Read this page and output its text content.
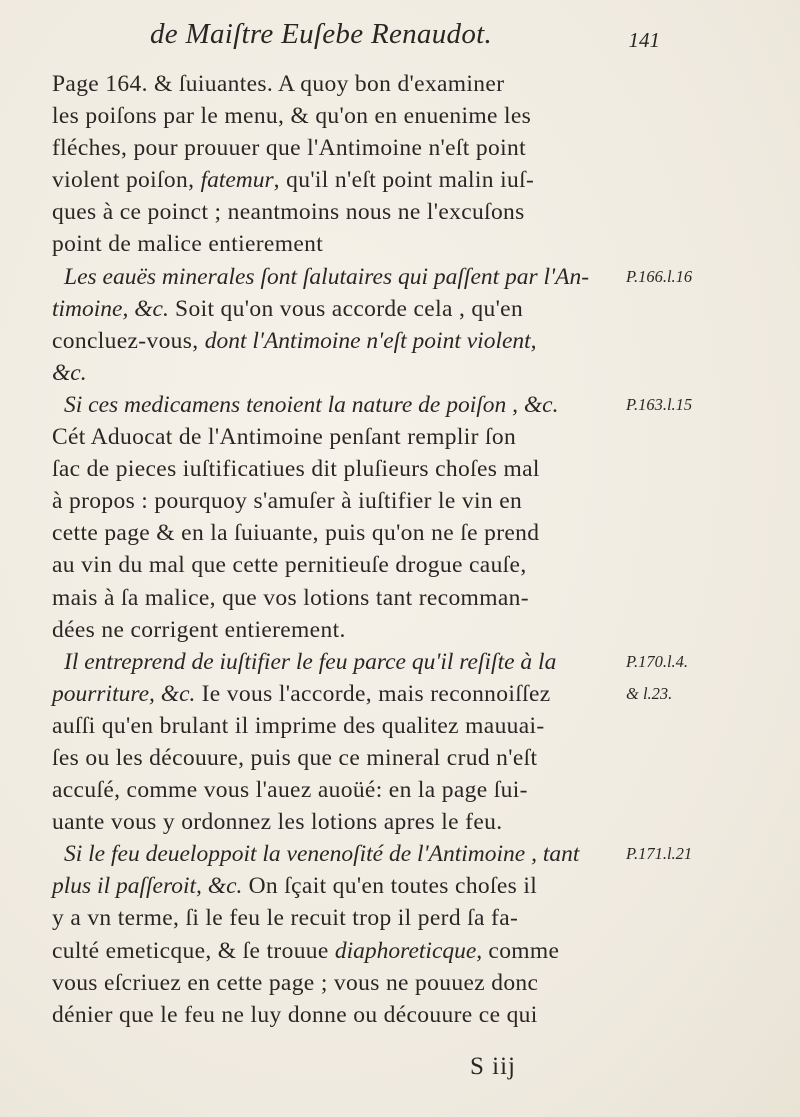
de Maiſtre Euſebe Renaudot.	141
Page 164. & ſuiuantes. A quoy bon d'examiner
les poiſons par le menu, & qu'on en enuenime les
fléches, pour prouuer que l'Antimoine n'eſt point
violent poiſon, fatemur, qu'il n'eſt point malin iuſ-
ques à ce poinct ; neantmoins nous ne l'excuſons
point de malice entierement
Les eauës minerales ſont ſalutaires qui paſſent par l'An-
timoine, &c. Soit qu'on vous accorde cela , qu'en
concluez-vous, dont l'Antimoine n'eſt point violent,
&c.
Si ces medicamens tenoient la nature de poiſon , &c.
Cét Aduocat de l'Antimoine penſant remplir ſon
ſac de pieces iuſtificatiues dit pluſieurs choſes mal
à propos : pourquoy s'amuſer à iuſtifier le vin en
cette page & en la ſuiuante, puis qu'on ne ſe prend
au vin du mal que cette pernitieuſe drogue cauſe,
mais à ſa malice, que vos lotions tant recomman-
dées ne corrigent entierement.
Il entreprend de iuſtifier le feu parce qu'il reſiſte à la
pourriture, &c. Ie vous l'accorde, mais reconnoiſſez
auſſi qu'en brulant il imprime des qualitez mauuai-
ſes ou les découure, puis que ce mineral crud n'eſt
accuſé, comme vous l'auez auoüé: en la page ſui-
uante vous y ordonnez les lotions apres le feu.
Si le feu deueloppoit la venenoſité de l'Antimoine , tant
plus il paſſeroit, &c. On ſçait qu'en toutes choſes il
y a vn terme, ſi le feu le recuit trop il perd ſa fa-
culté emeticque, & ſe trouue diaphoreticque, comme
vous eſcriuez en cette page ; vous ne pouuez donc
dénier que le feu ne luy donne ou découure ce qui
P.166.l.16
P.163.l.15
P.170.l.4.
& l.23.
P.171.l.21
S iij
